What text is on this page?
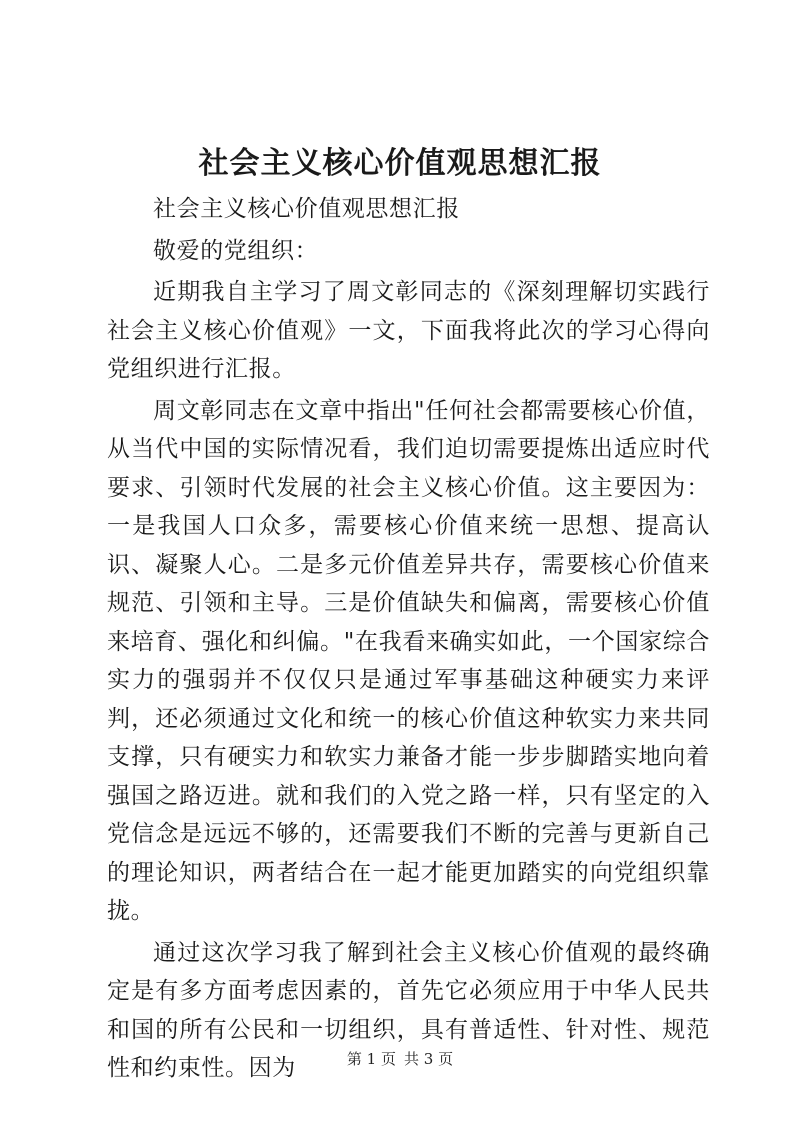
社会主义核心价值观思想汇报

社会主义核心价值观思想汇报

敬爱的党组织：

近期我自主学习了周文彰同志的《深刻理解切实践行社会主义核心价值观》一文，下面我将此次的学习心得向党组织进行汇报。

周文彰同志在文章中指出"任何社会都需要核心价值，从当代中国的实际情况看，我们迫切需要提炼出适应时代要求、引领时代发展的社会主义核心价值。这主要因为：一是我国人口众多，需要核心价值来统一思想、提高认识、凝聚人心。二是多元价值差异共存，需要核心价值来规范、引领和主导。三是价值缺失和偏离，需要核心价值来培育、强化和纠偏。"在我看来确实如此，一个国家综合实力的强弱并不仅仅只是通过军事基础这种硬实力来评判，还必须通过文化和统一的核心价值这种软实力来共同支撑，只有硬实力和软实力兼备才能一步步脚踏实地向着强国之路迈进。就和我们的入党之路一样，只有坚定的入党信念是远远不够的，还需要我们不断的完善与更新自己的理论知识，两者结合在一起才能更加踏实的向党组织靠拢。

通过这次学习我了解到社会主义核心价值观的最终确定是有多方面考虑因素的，首先它必须应用于中华人民共和国的所有公民和一切组织，具有普适性、针对性、规范性和约束性。因为	第 1 页 共 3 页
